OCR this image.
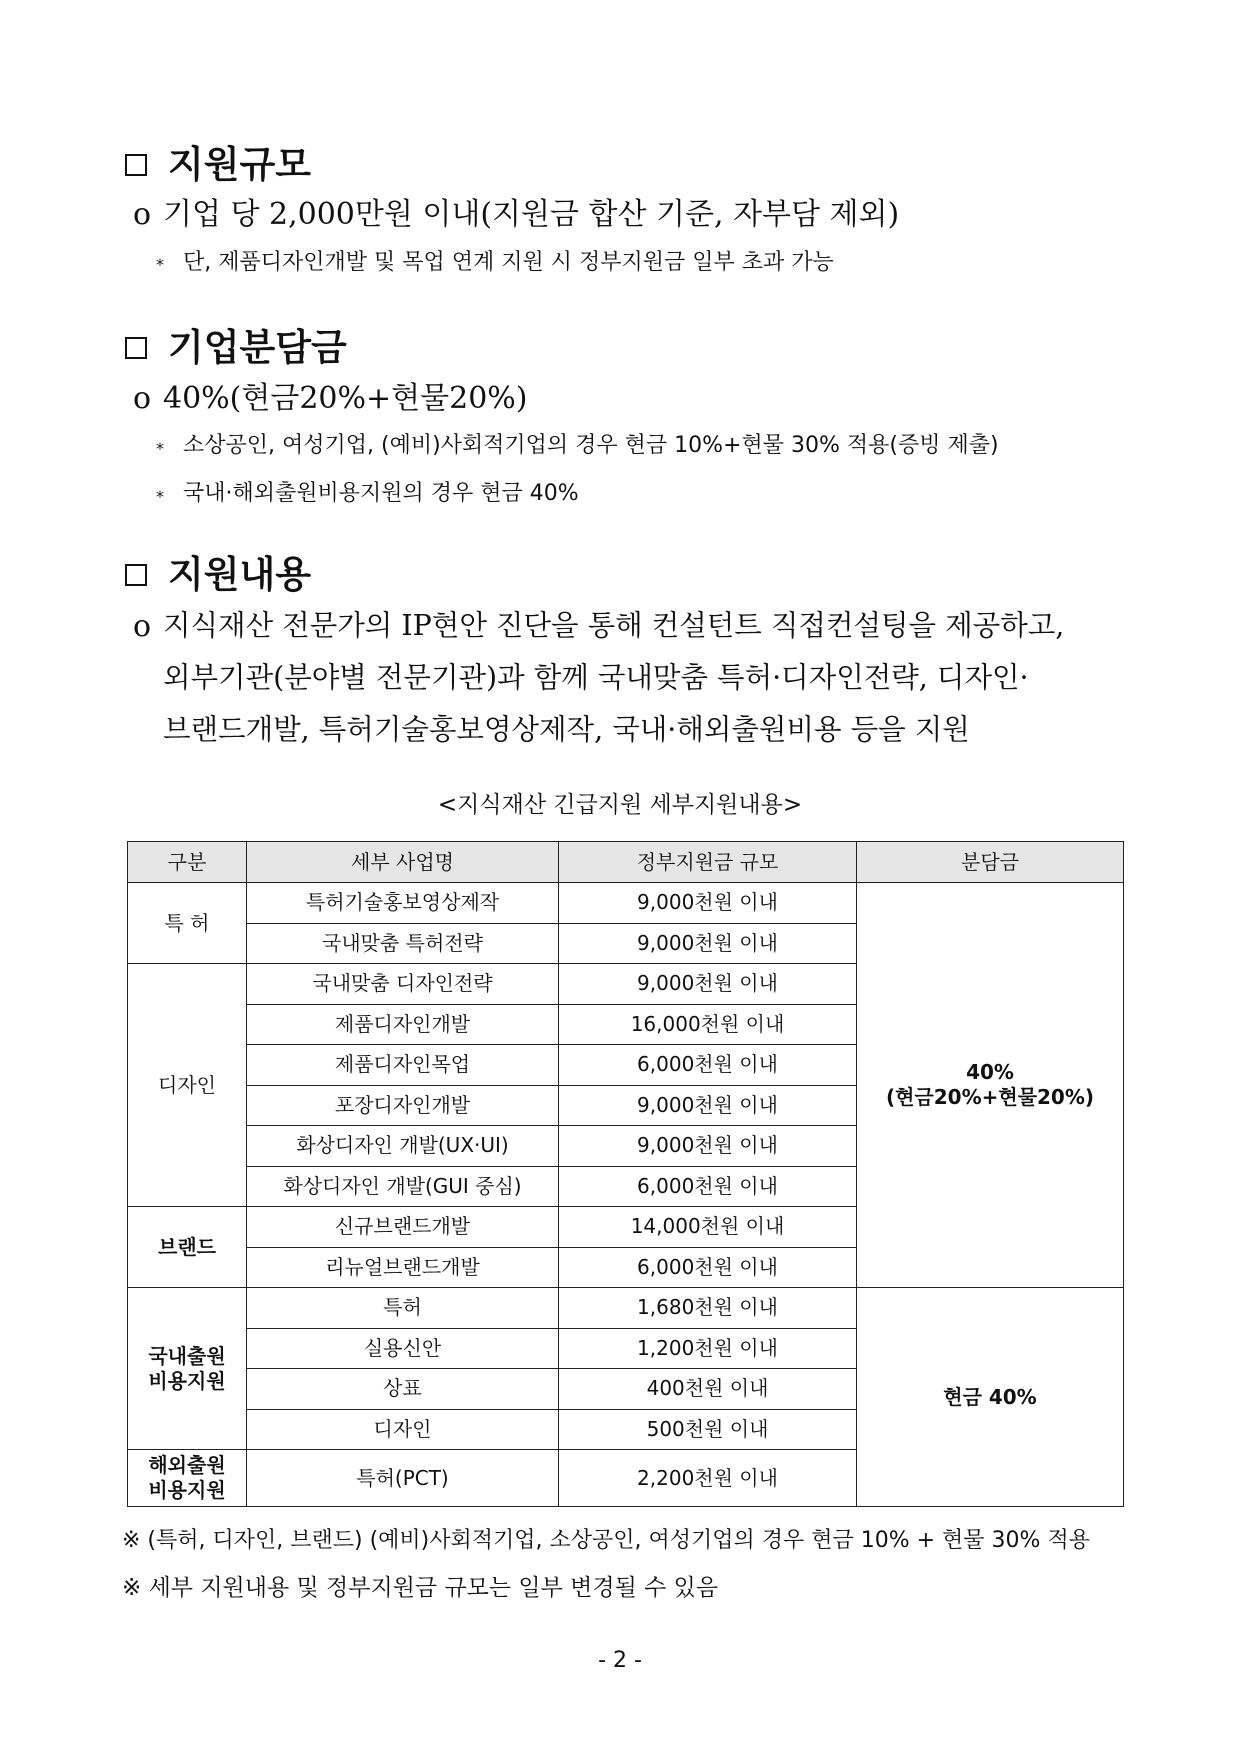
지원규모
o 기업 당 2,000만원 이내(지원금 합산 기준, 자부담 제외)
* 단, 제품디자인개발 및 목업 연계 지원 시 정부지원금 일부 초과 가능
기업분담금
o 40%(현금20%+현물20%)
* 소상공인, 여성기업, (예비)사회적기업의 경우 현금 10%+현물 30% 적용(증빙 제출)
* 국내·해외출원비용지원의 경우 현금 40%
지원내용
o 지식재산 전문가의 IP현안 진단을 통해 컨설턴트 직접컨설팅을 제공하고,
외부기관(분야별 전문기관)과 함께 국내맞춤 특허·디자인전략, 디자인·
브랜드개발, 특허기술홍보영상제작, 국내·해외출원비용 등을 지원
<지식재산 긴급지원 세부지원내용>
구분	세부 사업명	정부지원금 규모	분담금
특 허	특허기술홍보영상제작	9,000천원 이내	40%
(현금20%+현물20%)
	국내맞춤 특허전략	9,000천원 이내	
디자인	국내맞춤 디자인전략	9,000천원 이내	
	제품디자인개발	16,000천원 이내	
	제품디자인목업	6,000천원 이내	
	포장디자인개발	9,000천원 이내	
	화상디자인 개발(UX·UI)	9,000천원 이내	
	화상디자인 개발(GUI 중심)	6,000천원 이내	
브랜드	신규브랜드개발	14,000천원 이내	
	리뉴얼브랜드개발	6,000천원 이내	
국내출원
비용지원	특허	1,680천원 이내	현금 40%
	실용신안	1,200천원 이내	
	상표	400천원 이내	
	디자인	500천원 이내	
해외출원
비용지원	특허(PCT)	2,200천원 이내	
※ (특허, 디자인, 브랜드) (예비)사회적기업, 소상공인, 여성기업의 경우 현금 10% + 현물 30% 적용
※ 세부 지원내용 및 정부지원금 규모는 일부 변경될 수 있음
- 2 -
